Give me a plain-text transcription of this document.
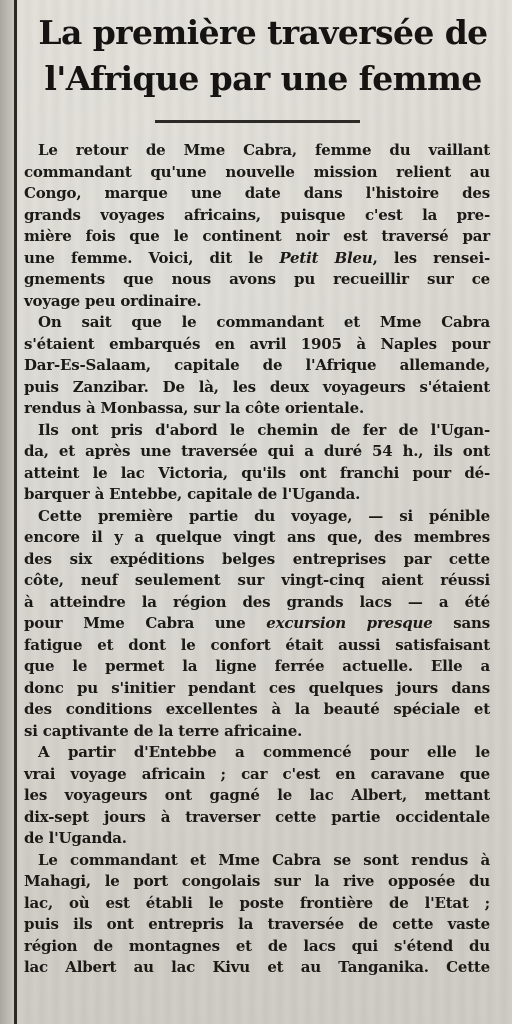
La première traversée de
l'Afrique par une femme
Le retour de Mme Cabra, femme du vaillant
commandant qu'une nouvelle mission relient au
Congo, marque une date dans l'histoire des
grands voyages africains, puisque c'est la pre-
mière fois que le continent noir est traversé par
une femme. Voici, dit le Petit Bleu, les rensei-
gnements que nous avons pu recueillir sur ce
voyage peu ordinaire.
On sait que le commandant et Mme Cabra
s'étaient embarqués en avril 1905 à Naples pour
Dar-Es-Salaam, capitale de l'Afrique allemande,
puis Zanzibar. De là, les deux voyageurs s'étaient
rendus à Monbassa, sur la côte orientale.
Ils ont pris d'abord le chemin de fer de l'Ugan-
da, et après une traversée qui a duré 54 h., ils ont
atteint le lac Victoria, qu'ils ont franchi pour dé-
barquer à Entebbe, capitale de l'Uganda.
Cette première partie du voyage, — si pénible
encore il y a quelque vingt ans que, des membres
des six expéditions belges entreprises par cette
côte, neuf seulement sur vingt-cinq aient réussi
à atteindre la région des grands lacs — a été
pour Mme Cabra une excursion presque sans
fatigue et dont le confort était aussi satisfaisant
que le permet la ligne ferrée actuelle. Elle a
donc pu s'initier pendant ces quelques jours dans
des conditions excellentes à la beauté spéciale et
si captivante de la terre africaine.
A partir d'Entebbe a commencé pour elle le
vrai voyage africain ; car c'est en caravane que
les voyageurs ont gagné le lac Albert, mettant
dix-sept jours à traverser cette partie occidentale
de l'Uganda.
Le commandant et Mme Cabra se sont rendus à
Mahagi, le port congolais sur la rive opposée du
lac, où est établi le poste frontière de l'Etat ;
puis ils ont entrepris la traversée de cette vaste
région de montagnes et de lacs qui s'étend du
lac Albert au lac Kivu et au Tanganika. Cette
